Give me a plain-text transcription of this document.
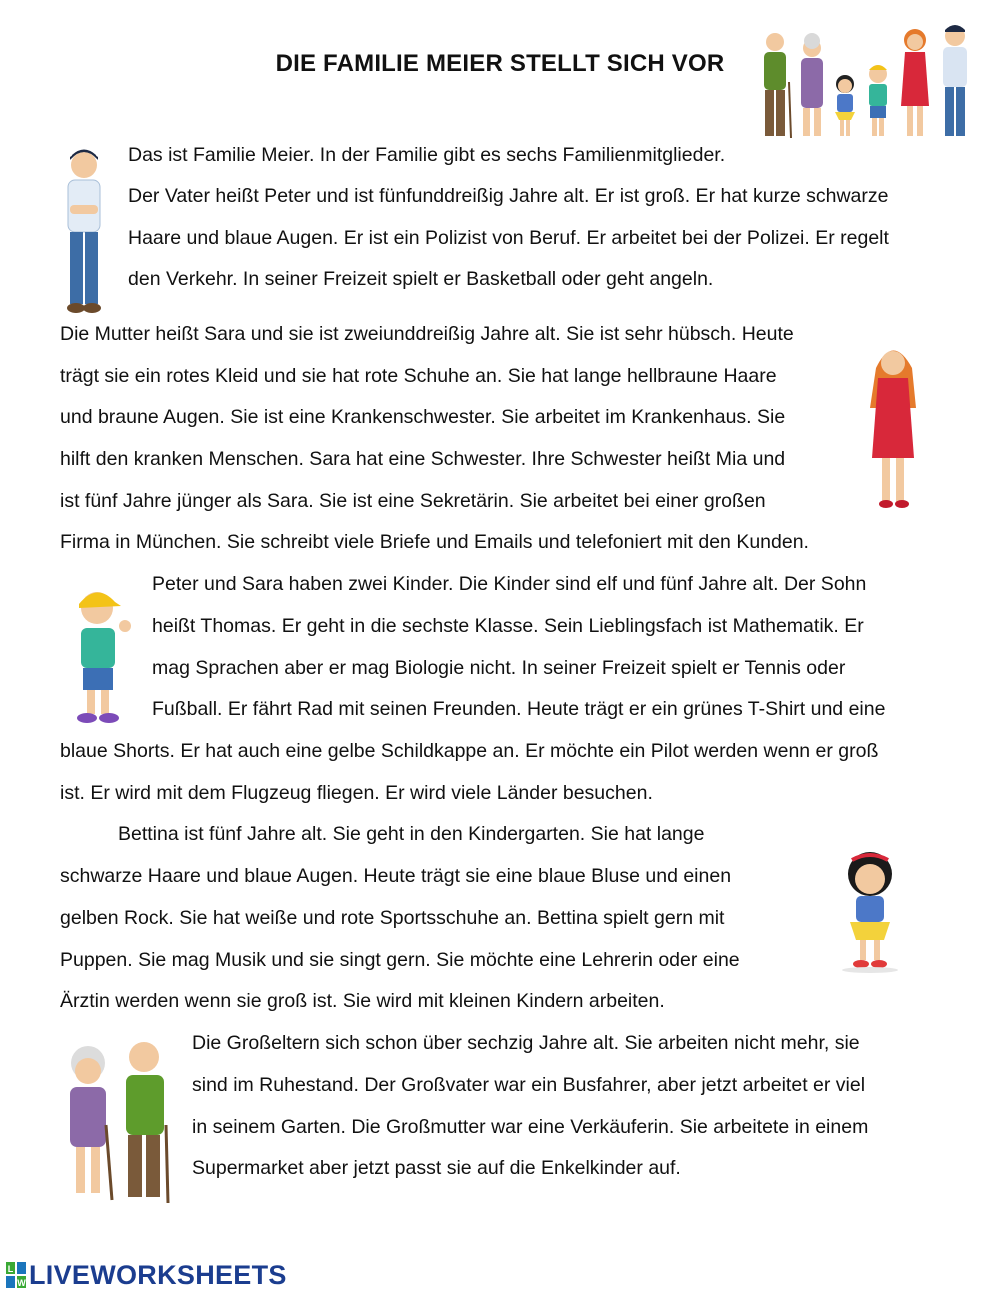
DIE FAMILIE MEIER STELLT SICH VOR
Das ist Familie Meier. In der Familie gibt es sechs Familienmitglieder.
Der Vater heißt Peter und ist fünfunddreißig Jahre alt. Er ist groß. Er hat kurze schwarze
Haare und blaue Augen. Er ist ein Polizist von Beruf. Er arbeitet bei der Polizei. Er regelt
den Verkehr. In seiner Freizeit spielt er Basketball oder geht angeln.
Die Mutter heißt Sara und sie ist zweiunddreißig Jahre alt. Sie ist sehr hübsch. Heute
trägt sie ein rotes Kleid und sie hat rote Schuhe an. Sie hat lange hellbraune Haare
und braune Augen. Sie ist eine Krankenschwester. Sie arbeitet im Krankenhaus. Sie
hilft den kranken Menschen. Sara hat eine Schwester. Ihre Schwester heißt Mia und
ist fünf Jahre jünger als Sara. Sie ist eine Sekretärin. Sie arbeitet bei einer großen
Firma in München. Sie schreibt viele Briefe und Emails und telefoniert mit den Kunden.
Peter und Sara haben zwei Kinder. Die Kinder sind elf und fünf Jahre alt. Der Sohn
heißt Thomas. Er geht in die sechste Klasse. Sein Lieblingsfach ist Mathematik. Er
mag Sprachen aber er mag Biologie nicht. In seiner Freizeit spielt er Tennis oder
Fußball. Er fährt Rad mit seinen Freunden. Heute trägt er ein grünes T-Shirt und eine
blaue Shorts. Er hat auch eine gelbe Schildkappe an. Er möchte ein Pilot werden wenn er groß
ist. Er wird mit dem Flugzeug fliegen. Er wird viele Länder besuchen.
Bettina ist fünf Jahre alt. Sie geht in den Kindergarten. Sie hat lange
schwarze Haare und blaue Augen. Heute trägt sie eine blaue Bluse und einen
gelben Rock. Sie hat weiße und rote Sportsschuhe an. Bettina spielt gern mit
Puppen. Sie mag Musik und sie singt gern. Sie möchte eine Lehrerin oder eine
Ärztin werden wenn sie groß ist. Sie wird mit kleinen Kindern arbeiten.
Die Großeltern sich schon über sechzig Jahre alt. Sie arbeiten nicht mehr, sie
sind im Ruhestand. Der Großvater war ein Busfahrer, aber jetzt arbeitet er viel
in seinem Garten. Die Großmutter war eine Verkäuferin. Sie arbeitete in einem
Supermarket aber jetzt passt sie auf die Enkelkinder auf.
L
W LIVEWORKSHEETS
